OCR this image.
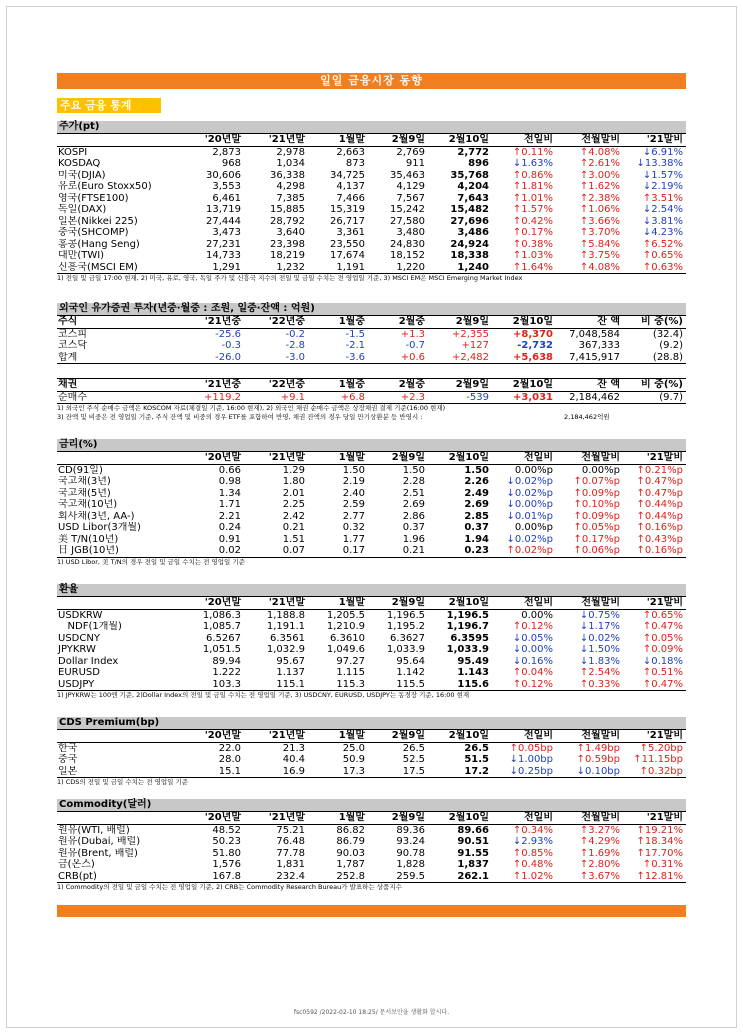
일일 금융시장 동향
주요 금융 통계
주가(pt)
	'20년말	'21년말	1월말	2월9일	2월10일	전일비	전월말비	'21말비
KOSPI	2,873	2,978	2,663	2,769	2,772	↑0.11%	↑4.08%	↓6.91%
KOSDAQ	968	1,034	873	911	896	↓1.63%	↑2.61%	↓13.38%
미국(DJIA)	30,606	36,338	34,725	35,463	35,768	↑0.86%	↑3.00%	↓1.57%
유로(Euro Stoxx50)	3,553	4,298	4,137	4,129	4,204	↑1.81%	↑1.62%	↓2.19%
영국(FTSE100)	6,461	7,385	7,466	7,567	7,643	↑1.01%	↑2.38%	↑3.51%
독일(DAX)	13,719	15,885	15,319	15,242	15,482	↑1.57%	↑1.06%	↓2.54%
일본(Nikkei 225)	27,444	28,792	26,717	27,580	27,696	↑0.42%	↑3.66%	↓3.81%
중국(SHCOMP)	3,473	3,640	3,361	3,480	3,486	↑0.17%	↑3.70%	↓4.23%
홍콩(Hang Seng)	27,231	23,398	23,550	24,830	24,924	↑0.38%	↑5.84%	↑6.52%
대만(TWI)	14,733	18,219	17,674	18,152	18,338	↑1.03%	↑3.75%	↑0.65%
신흥국(MSCI EM)	1,291	1,232	1,191	1,220	1,240	↑1.64%	↑4.08%	↑0.63%
1) 전일 및 금일 17:00 현재, 2) 미국, 유로, 영국, 독일 주가 및 신흥국 지수의 전일 및 금일 수치는 전 영업일 기준, 3) MSCI EM은 MSCI Emerging Market Index
외국인 유가증권 투자(년중·월중 : 조원, 일중·잔액 : 억원)
주식	'21년중	'22년중	1월중	2월중	2월9일	2월10일	잔 액	비 중(%)
코스피	-25.6	-0.2	-1.5	+1.3	+2,355	+8,370	7,048,584	(32.4)
코스닥	-0.3	-2.8	-2.1	-0.7	+127	-2,732	367,333	(9.2)
합계	-26.0	-3.0	-3.6	+0.6	+2,482	+5,638	7,415,917	(28.8)
채권	'21년중	'22년중	1월중	2월중	2월9일	2월10일	잔 액	비 중(%)
순매수	+119.2	+9.1	+6.8	+2.3	-539	+3,031	2,184,462	(9.7)
1) 외국인 주식 순매수 금액은 KOSCOM 자료(체결일 기준, 16:00 현재), 2) 외국인 채권 순매수 금액은 상장채권 결제 기준(16:00 현재)
3) 잔액 및 비중은 전 영업일 기준, 주식 잔액 및 비중의 경우 ETF를 포함하여 반영, 채권 잔액의 경우 당일 만기상환분 등 반영시 :	2,184,462억원
금리(%)
	'20년말	'21년말	1월말	2월9일	2월10일	전일비	전월말비	'21말비
CD(91일)	0.66	1.29	1.50	1.50	1.50	0.00%p	0.00%p	↑0.21%p
국고채(3년)	0.98	1.80	2.19	2.28	2.26	↓0.02%p	↑0.07%p	↑0.47%p
국고채(5년)	1.34	2.01	2.40	2.51	2.49	↓0.02%p	↑0.09%p	↑0.47%p
국고채(10년)	1.71	2.25	2.59	2.69	2.69	↓0.00%p	↑0.10%p	↑0.44%p
회사채(3년, AA-)	2.21	2.42	2.77	2.86	2.85	↓0.01%p	↑0.09%p	↑0.44%p
USD Libor(3개월)	0.24	0.21	0.32	0.37	0.37	0.00%p	↑0.05%p	↑0.16%p
美 T/N(10년)	0.91	1.51	1.77	1.96	1.94	↓0.02%p	↑0.17%p	↑0.43%p
日 JGB(10년)	0.02	0.07	0.17	0.21	0.23	↑0.02%p	↑0.06%p	↑0.16%p
1) USD Libor, 美 T/N의 경우 전일 및 금일 수치는 전 영업일 기준
환율
	'20년말	'21년말	1월말	2월9일	2월10일	전일비	전월말비	'21말비
USDKRW	1,086.3	1,188.8	1,205.5	1,196.5	1,196.5	0.00%	↓0.75%	↑0.65%
NDF(1개월)	1,085.7	1,191.1	1,210.9	1,195.2	1,196.7	↑0.12%	↓1.17%	↑0.47%
USDCNY	6.5267	6.3561	6.3610	6.3627	6.3595	↓0.05%	↓0.02%	↑0.05%
JPYKRW	1,051.5	1,032.9	1,049.6	1,033.9	1,033.9	↓0.00%	↓1.50%	↑0.09%
Dollar Index	89.94	95.67	97.27	95.64	95.49	↓0.16%	↓1.83%	↓0.18%
EURUSD	1.222	1.137	1.115	1.142	1.143	↑0.04%	↑2.54%	↑0.51%
USDJPY	103.3	115.1	115.3	115.5	115.6	↑0.12%	↑0.33%	↑0.47%
1) JPYKRW는 100엔 기준, 2)Dollar Index의 전일 및 금일 수치는 전 영업일 기준, 3) USDCNY, EURUSD, USDJPY는 동경장 기준, 16:00 현재
CDS Premium(bp)
	'20년말	'21년말	1월말	2월9일	2월10일	전일비	전월말비	'21말비
한국	22.0	21.3	25.0	26.5	26.5	↑0.05bp	↑1.49bp	↑5.20bp
중국	28.0	40.4	50.9	52.5	51.5	↓1.00bp	↑0.59bp	↑11.15bp
일본	15.1	16.9	17.3	17.5	17.2	↓0.25bp	↓0.10bp	↑0.32bp
1) CDS의 전일 및 금일 수치는 전 영업일 기준
Commodity(달러)
	'20년말	'21년말	1월말	2월9일	2월10일	전일비	전월말비	'21말비
원유(WTI, 배럴)	48.52	75.21	86.82	89.36	89.66	↑0.34%	↑3.27%	↑19.21%
원유(Dubai, 배럴)	50.23	76.48	86.79	93.24	90.51	↓2.93%	↑4.29%	↑18.34%
원유(Brent, 배럴)	51.80	77.78	90.03	90.78	91.55	↑0.85%	↑1.69%	↑17.70%
금(온스)	1,576	1,831	1,787	1,828	1,837	↑0.48%	↑2.80%	↑0.31%
CRB(pt)	167.8	232.4	252.8	259.5	262.1	↑1.02%	↑3.67%	↑12.81%
1) Commodity의 전일 및 금일 수치는 전 영업일 기준, 2) CRB는 Commodity Research Bureau가 발표하는 상품지수
fsc0592 /2022-02-10 18:25/ 문서보안을 생활화 합시다.
